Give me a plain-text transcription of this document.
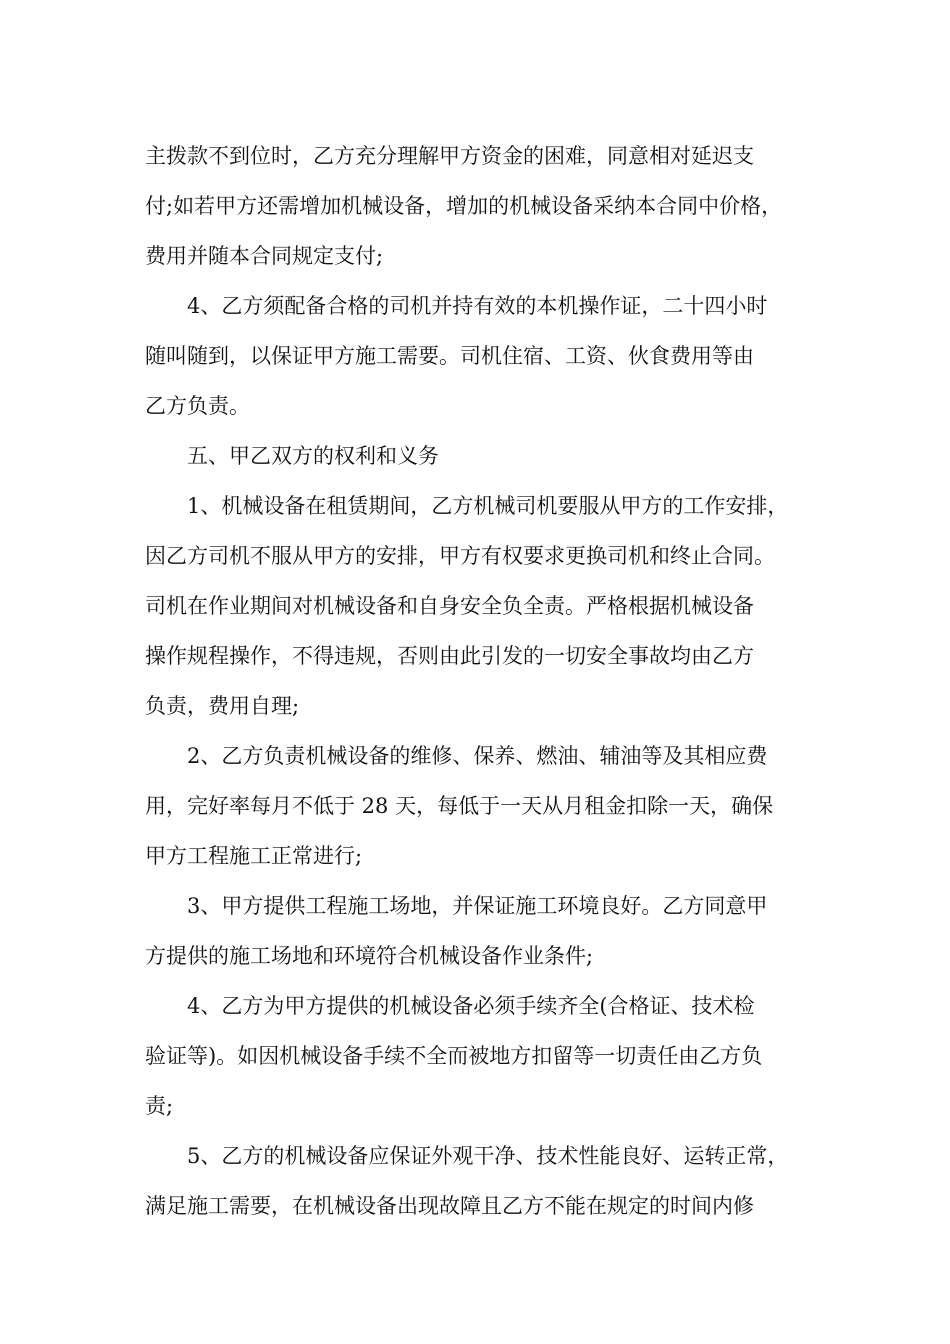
主拨款不到位时，乙方充分理解甲方资金的困难，同意相对延迟支
付;如若甲方还需增加机械设备，增加的机械设备采纳本合同中价格，
费用并随本合同规定支付;
4、乙方须配备合格的司机并持有效的本机操作证，二十四小时
随叫随到，以保证甲方施工需要。司机住宿、工资、伙食费用等由
乙方负责。
五、甲乙双方的权利和义务
1、机械设备在租赁期间，乙方机械司机要服从甲方的工作安排，
因乙方司机不服从甲方的安排，甲方有权要求更换司机和终止合同。
司机在作业期间对机械设备和自身安全负全责。严格根据机械设备
操作规程操作，不得违规，否则由此引发的一切安全事故均由乙方
负责，费用自理;
2、乙方负责机械设备的维修、保养、燃油、辅油等及其相应费
用，完好率每月不低于 28 天，每低于一天从月租金扣除一天，确保
甲方工程施工正常进行;
3、甲方提供工程施工场地，并保证施工环境良好。乙方同意甲
方提供的施工场地和环境符合机械设备作业条件;
4、乙方为甲方提供的机械设备必须手续齐全(合格证、技术检
验证等)。如因机械设备手续不全而被地方扣留等一切责任由乙方负
责;
5、乙方的机械设备应保证外观干净、技术性能良好、运转正常，
满足施工需要，在机械设备出现故障且乙方不能在规定的时间内修
